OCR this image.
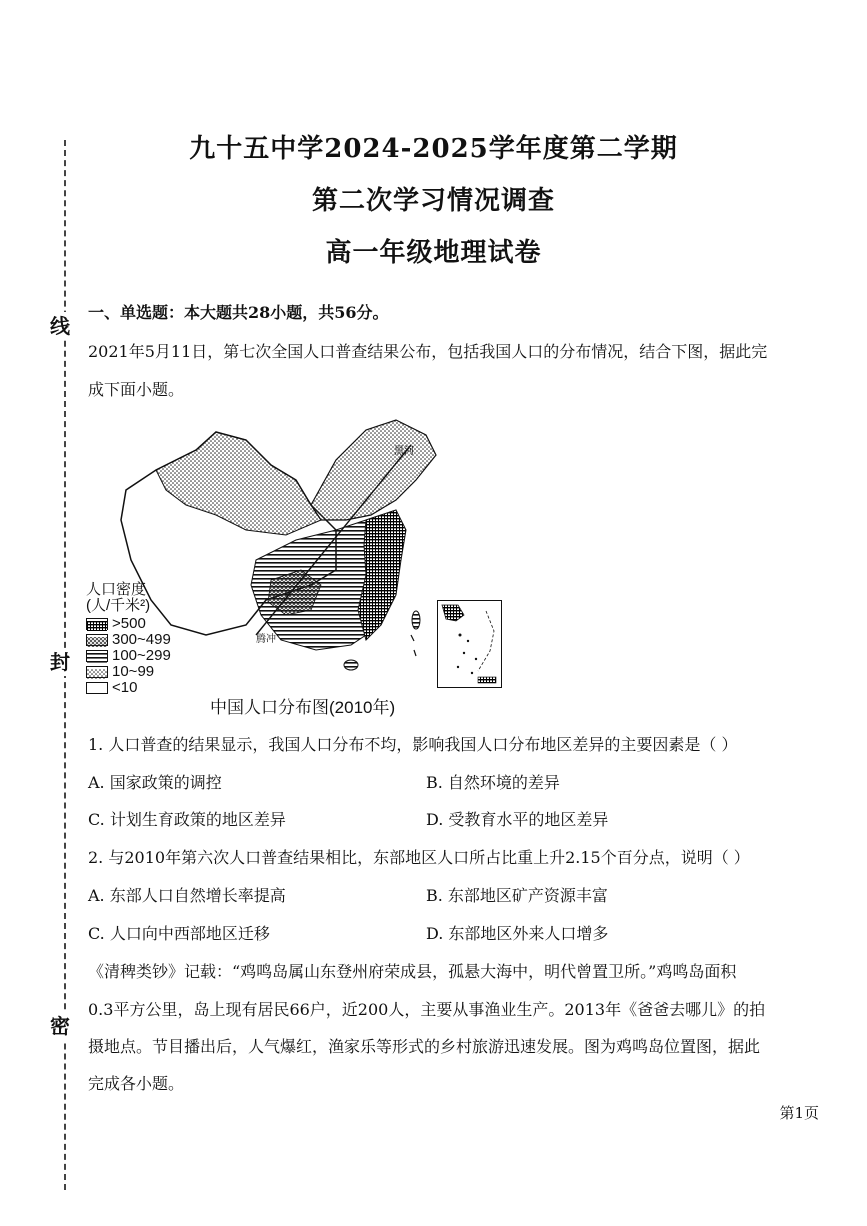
线
封
密
九十五中学2024-2025学年度第二学期
第二次学习情况调查
高一年级地理试卷
一、单选题：本大题共28小题，共56分。
2021年5月11日，第七次全国人口普查结果公布，包括我国人口的分布情况，结合下图，据此完
成下面小题。
黑河
腾冲
人口密度
(人/千米²)
>500
300~499
100~299
10~99
<10
中国人口分布图(2010年)
1. 人口普查的结果显示，我国人口分布不均，影响我国人口分布地区差异的主要因素是（ ）
A. 国家政策的调控	B. 自然环境的差异
C. 计划生育政策的地区差异	D. 受教育水平的地区差异
2. 与2010年第六次人口普查结果相比，东部地区人口所占比重上升2.15个百分点，说明（ ）
A. 东部人口自然增长率提高	B. 东部地区矿产资源丰富
C. 人口向中西部地区迁移	D. 东部地区外来人口增多
《清稗类钞》记载：“鸡鸣岛属山东登州府荣成县，孤悬大海中，明代曾置卫所。”鸡鸣岛面积
0.3平方公里，岛上现有居民66户，近200人，主要从事渔业生产。2013年《爸爸去哪儿》的拍
摄地点。节目播出后，人气爆红，渔家乐等形式的乡村旅游迅速发展。图为鸡鸣岛位置图，据此
完成各小题。
第1页
